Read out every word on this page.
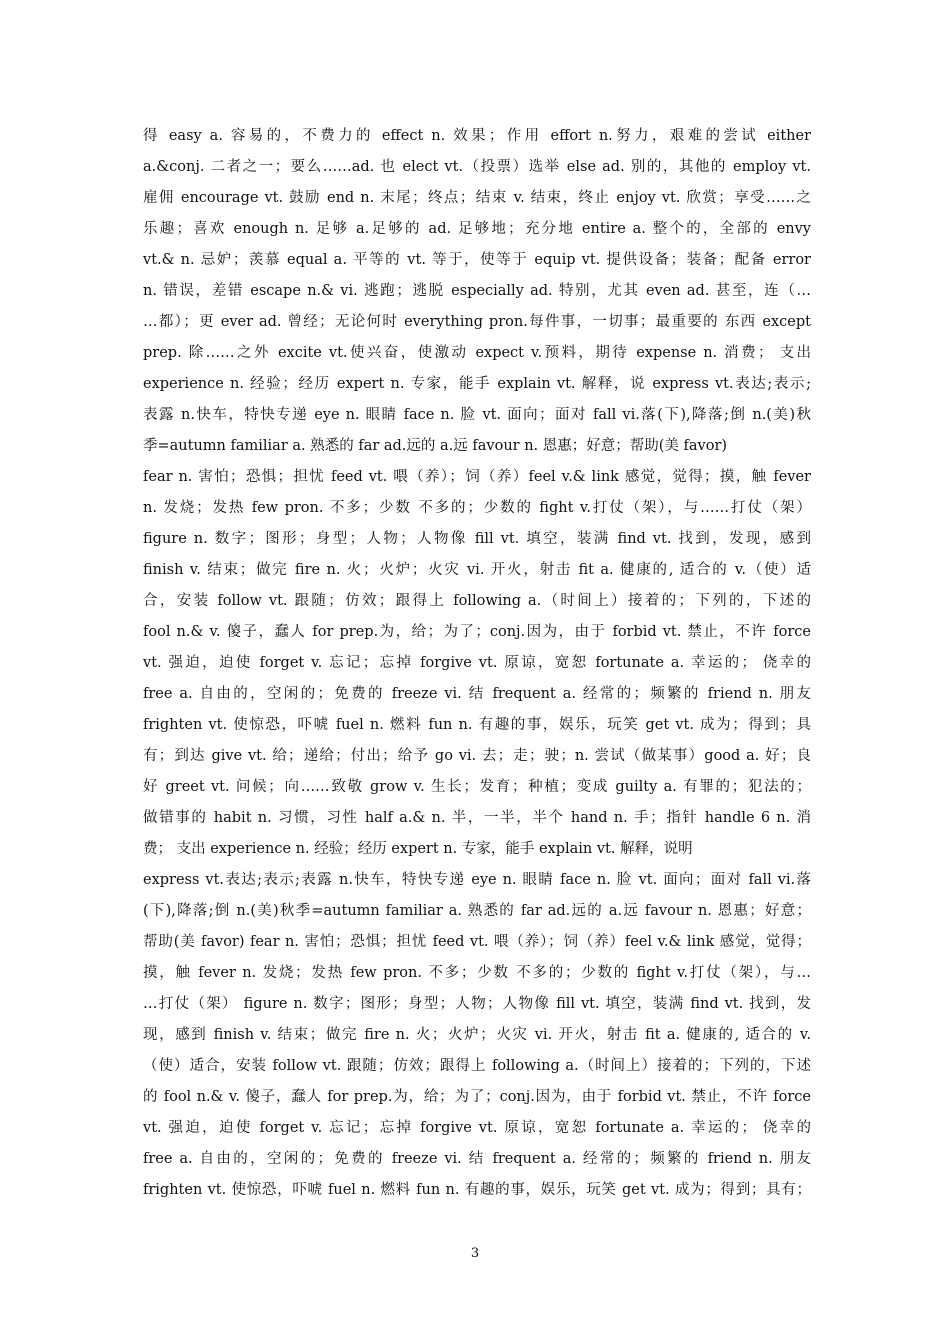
得 easy a. 容易的，不费力的 effect n. 效果；作用 effort n.努力，艰难的尝试 either
a.&conj. 二者之一；要么……ad. 也 elect vt.（投票）选举 else ad. 别的，其他的 employ vt.
雇佣 encourage vt. 鼓励 end n. 末尾；终点；结束 v. 结束，终止 enjoy vt. 欣赏；享受……之
乐趣；喜欢 enough n. 足够 a.足够的 ad. 足够地；充分地 entire a. 整个的，全部的 envy
vt.& n. 忌妒；羡慕 equal a. 平等的 vt. 等于，使等于 equip vt. 提供设备；装备；配备 error
n. 错误，差错 escape n.& vi. 逃跑；逃脱 especially ad. 特别，尤其 even ad. 甚至，连（…
…都）；更 ever ad. 曾经；无论何时 everything pron.每件事，一切事；最重要的 东西 except
prep. 除……之外 excite vt.使兴奋，使激动 expect v.预料，期待 expense n. 消费； 支出
experience n. 经验；经历 expert n. 专家，能手 explain vt. 解释，说 express vt.表达;表示;
表露 n.快车，特快专递 eye n. 眼睛 face n. 脸 vt. 面向；面对 fall vi.落(下),降落;倒 n.(美)秋
季=autumn familiar a. 熟悉的 far ad.远的 a.远 favour n. 恩惠；好意；帮助(美 favor)
fear n. 害怕；恐惧；担忧 feed vt. 喂（养）；饲（养）feel v.& link 感觉，觉得；摸，触 fever
n. 发烧；发热 few pron. 不多；少数 不多的；少数的 fight v.打仗（架），与……打仗（架）
figure n. 数字；图形；身型；人物；人物像 fill vt. 填空，装满 find vt. 找到，发现，感到
finish v. 结束；做完 fire n. 火；火炉；火灾 vi. 开火，射击 fit a. 健康的, 适合的 v.（使）适
合，安装 follow vt. 跟随；仿效；跟得上 following a.（时间上）接着的；下列的，下述的
fool n.& v. 傻子，蠢人 for prep.为，给；为了；conj.因为，由于 forbid vt. 禁止，不许 force
vt. 强迫，迫使 forget v. 忘记；忘掉 forgive vt. 原谅，宽恕 fortunate a. 幸运的； 侥幸的
free a. 自由的，空闲的；免费的 freeze vi. 结 frequent a. 经常的；频繁的 friend n. 朋友
frighten vt. 使惊恐，吓唬 fuel n. 燃料 fun n. 有趣的事，娱乐，玩笑 get vt. 成为；得到；具
有；到达 give vt. 给；递给；付出；给予 go vi. 去；走；驶；n. 尝试（做某事）good a. 好；良
好 greet vt. 问候；向……致敬 grow v. 生长；发育；种植；变成 guilty a. 有罪的；犯法的；
做错事的 habit n. 习惯，习性 half a.& n. 半，一半，半个 hand n. 手；指针 handle 6 n. 消
费； 支出 experience n. 经验；经历 expert n. 专家，能手 explain vt. 解释，说明
express vt.表达;表示;表露 n.快车，特快专递 eye n. 眼睛 face n. 脸 vt. 面向；面对 fall vi.落
(下),降落;倒 n.(美)秋季=autumn familiar a. 熟悉的 far ad.远的 a.远 favour n. 恩惠；好意；
帮助(美 favor) fear n. 害怕；恐惧；担忧 feed vt. 喂（养）；饲（养）feel v.& link 感觉，觉得；
摸，触 fever n. 发烧；发热 few pron. 不多；少数 不多的；少数的 fight v.打仗（架），与…
…打仗（架） figure n. 数字；图形；身型；人物；人物像 fill vt. 填空，装满 find vt. 找到，发
现，感到 finish v. 结束；做完 fire n. 火；火炉；火灾 vi. 开火，射击 fit a. 健康的, 适合的 v.
（使）适合，安装 follow vt. 跟随；仿效；跟得上 following a.（时间上）接着的；下列的，下述
的 fool n.& v. 傻子，蠢人 for prep.为，给；为了；conj.因为，由于 forbid vt. 禁止，不许 force
vt. 强迫，迫使 forget v. 忘记；忘掉 forgive vt. 原谅，宽恕 fortunate a. 幸运的； 侥幸的
free a. 自由的，空闲的；免费的 freeze vi. 结 frequent a. 经常的；频繁的 friend n. 朋友
frighten vt. 使惊恐，吓唬 fuel n. 燃料 fun n. 有趣的事，娱乐，玩笑 get vt. 成为；得到；具有；
3
